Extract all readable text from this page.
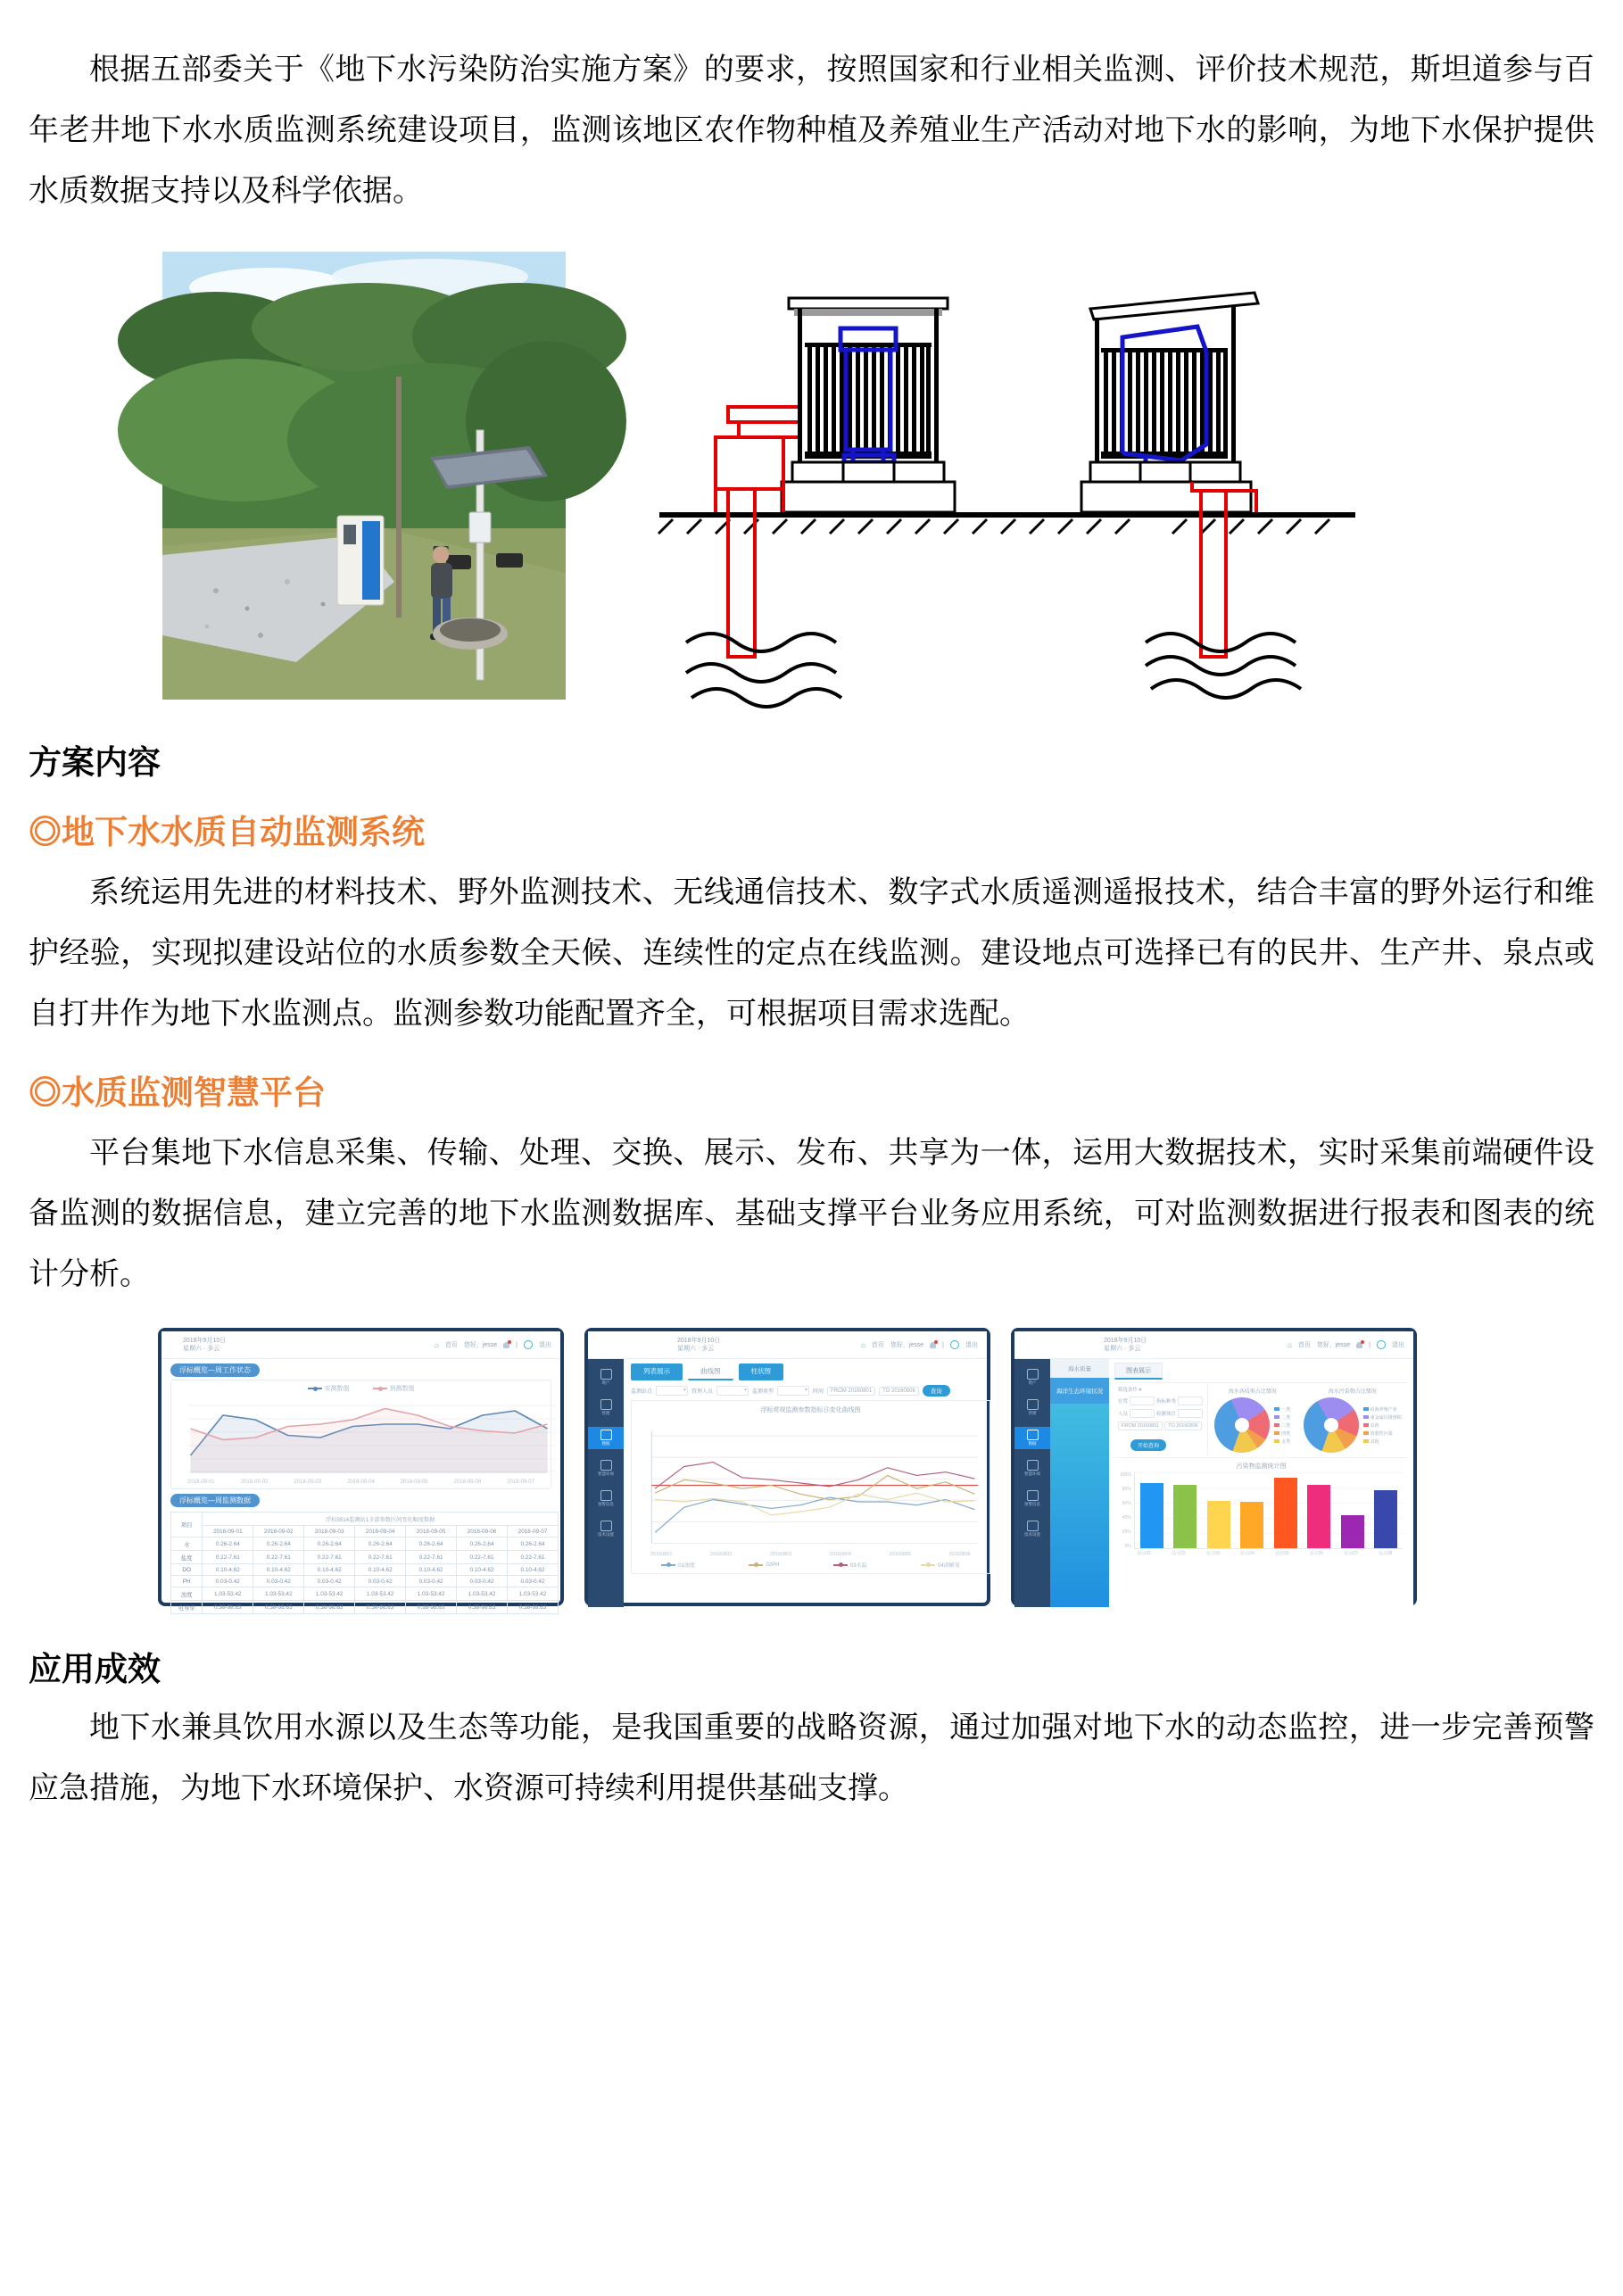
根据五部委关于《地下水污染防治实施方案》的要求，按照国家和行业相关监测、评价技术规范，斯坦道参与百年老井地下水水质监测系统建设项目，监测该地区农作物种植及养殖业生产活动对地下水的影响，为地下水保护提供水质数据支持以及科学依据。

方案内容
◎地下水水质自动监测系统

系统运用先进的材料技术、野外监测技术、无线通信技术、数字式水质遥测遥报技术，结合丰富的野外运行和维护经验，实现拟建设站位的水质参数全天候、连续性的定点在线监测。建设地点可选择已有的民井、生产井、泉点或自打井作为地下水监测点。监测参数功能配置齐全，可根据项目需求选配。

◎水质监测智慧平台

平台集地下水信息采集、传输、处理、交换、展示、发布、共享为一体，运用大数据技术，实时采集前端硬件设备监测的数据信息，建立完善的地下水监测数据库、基础支撑平台业务应用系统，可对监测数据进行报表和图表的统计分析。

2018年9月10日
星期六 · 多云	⌂ 首页 您好，jesse	|	退出
浮标概览—周工作状态
实测数值	预测数值
2018-09-01	2018-09-02	2018-09-03	2018-09-04	2018-09-05	2018-09-06	2018-09-07
浮标概览—周监测数据
项目	浮标5514监测站1全部参数区间变化幅度数据						
	2018-09-01	2018-09-02	2018-09-03	2018-09-04	2018-09-05	2018-09-06	2018-09-07
水	0.26-2.64	0.26-2.64	0.26-2.64	0.26-2.64	0.26-2.64	0.26-2.64	0.26-2.64
盐度	0.22-7.61	0.22-7.61	0.22-7.61	0.22-7.61	0.22-7.61	0.22-7.61	0.22-7.61
DO	0.10-4.62	0.10-4.62	0.10-4.62	0.10-4.62	0.10-4.62	0.10-4.62	0.10-4.62
PH	0.03-0.42	0.03-0.42	0.03-0.42	0.03-0.42	0.03-0.42	0.03-0.42	0.03-0.42
浊度	1.03-53.42	1.03-53.42	1.03-53.42	1.03-53.42	1.03-53.42	1.03-53.42	1.03-53.42
电导率	0.38-98.63	0.38-98.63	0.38-98.63	0.38-98.63	0.38-98.63	0.38-98.63	0.38-98.63
2018年9月10日
星期六 · 多云	⌂ 首页 您好，jesse	|	退出
资产
管理
数据
智慧环保
预警信息
技术设置
列表展示	曲线图	柱状图
监测站点 ▾	管理人员 ▾	监测类型 ▾	时间	FROM 20160801	TO 20160806	查询
浮标常规监测参数指标日变化曲线图
20160801	20160802	20160803	20160804	20160805	20160806
01浊度	02PH	03水温	04溶解氧
2018年9月10日
星期六 · 多云	⌂ 首页 您好，jesse	|	退出
资产
管理
数据
智慧环保
预警信息
技术设置
海水质量
海洋生态环境状况
图表展示
筛选条件 ▾
位置	指标种类
人员	检测项目
FROM 20160801	TO 20160806
开始查询
海水各质类占比情况
一类
二类
三类
四类
五类
海水污染物占比情况
沿海养殖产业
重金属垃圾堆积
农药
放射性污染
其他
污染物监测统计图
100%
80%
60%
40%
20%
0%
站点01	站点02	站点03	站点04	站点05	站点06	站点07	站点08
应用成效

地下水兼具饮用水源以及生态等功能，是我国重要的战略资源，通过加强对地下水的动态监控，进一步完善预警应急措施，为地下水环境保护、水资源可持续利用提供基础支撑。
